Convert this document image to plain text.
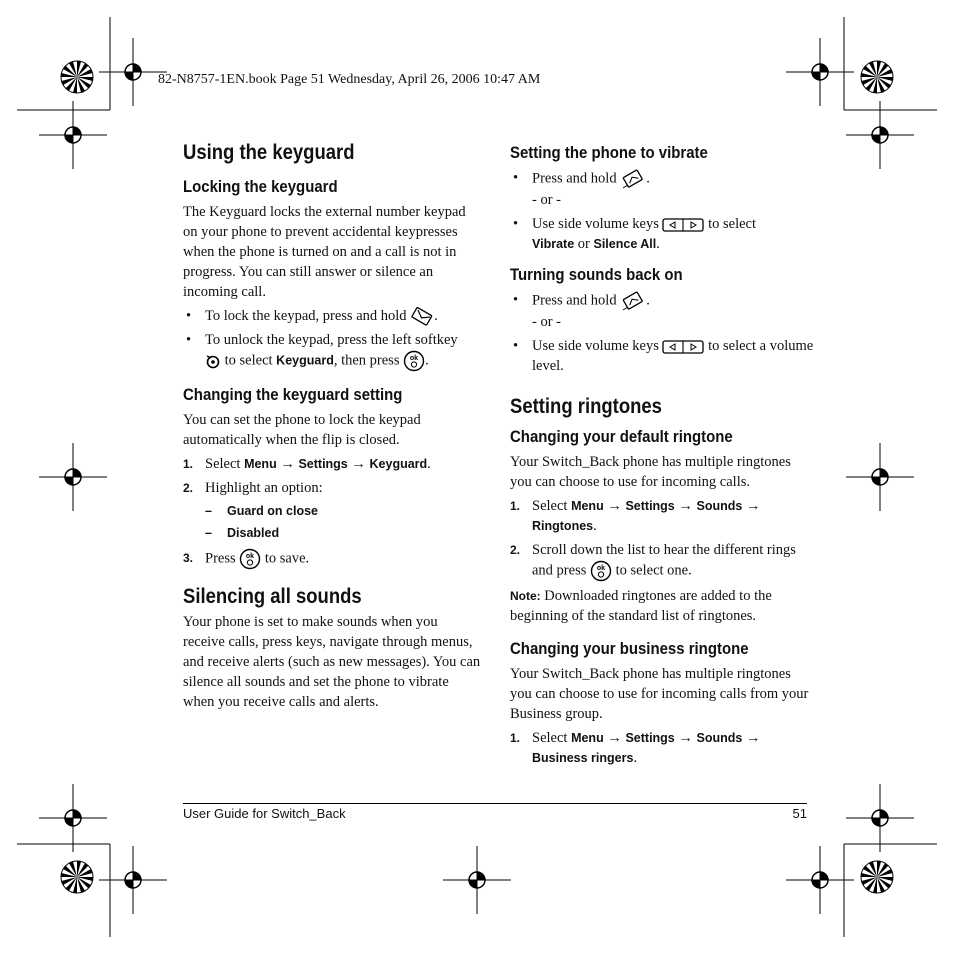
82-N8757-1EN.book Page 51 Wednesday, April 26, 2006 10:47 AM
Using the keyguard
Locking the keyguard

The Keyguard locks the external number keypad on your phone to prevent accidental keypresses when the phone is turned on and a call is not in progress. You can still answer or silence an incoming call.

• To lock the keypad, press and hold .
• To unlock the keypad, press the left softkey
to select Keyguard, then press ok .
Changing the keyguard setting

You can set the phone to lock the keypad automatically when the flip is closed.

1. Select Menu → Settings → Keyguard.
2. Highlight an option:
– Guard on close
– Disabled
3. Press ok to save.
Silencing all sounds

Your phone is set to make sounds when you receive calls, press keys, navigate through menus, and receive alerts (such as new messages). You can silence all sounds and set the phone to vibrate when you receive calls and alerts.

Setting the phone to vibrate
• Press and hold .
- or -
• Use side volume keys	to select
Vibrate or Silence All.
Turning sounds back on
• Press and hold .
- or -
• Use side volume keys	to select a volume level.
Setting ringtones
Changing your default ringtone

Your Switch_Back phone has multiple ringtones you can choose to use for incoming calls.

1. Select Menu → Settings → Sounds →
Ringtones.
2. Scroll down the list to hear the different rings and press ok to select one.

Note: Downloaded ringtones are added to the beginning of the standard list of ringtones.

Changing your business ringtone

Your Switch_Back phone has multiple ringtones you can choose to use for incoming calls from your Business group.

1. Select Menu → Settings → Sounds →
Business ringers.
User Guide for Switch_Back	51
